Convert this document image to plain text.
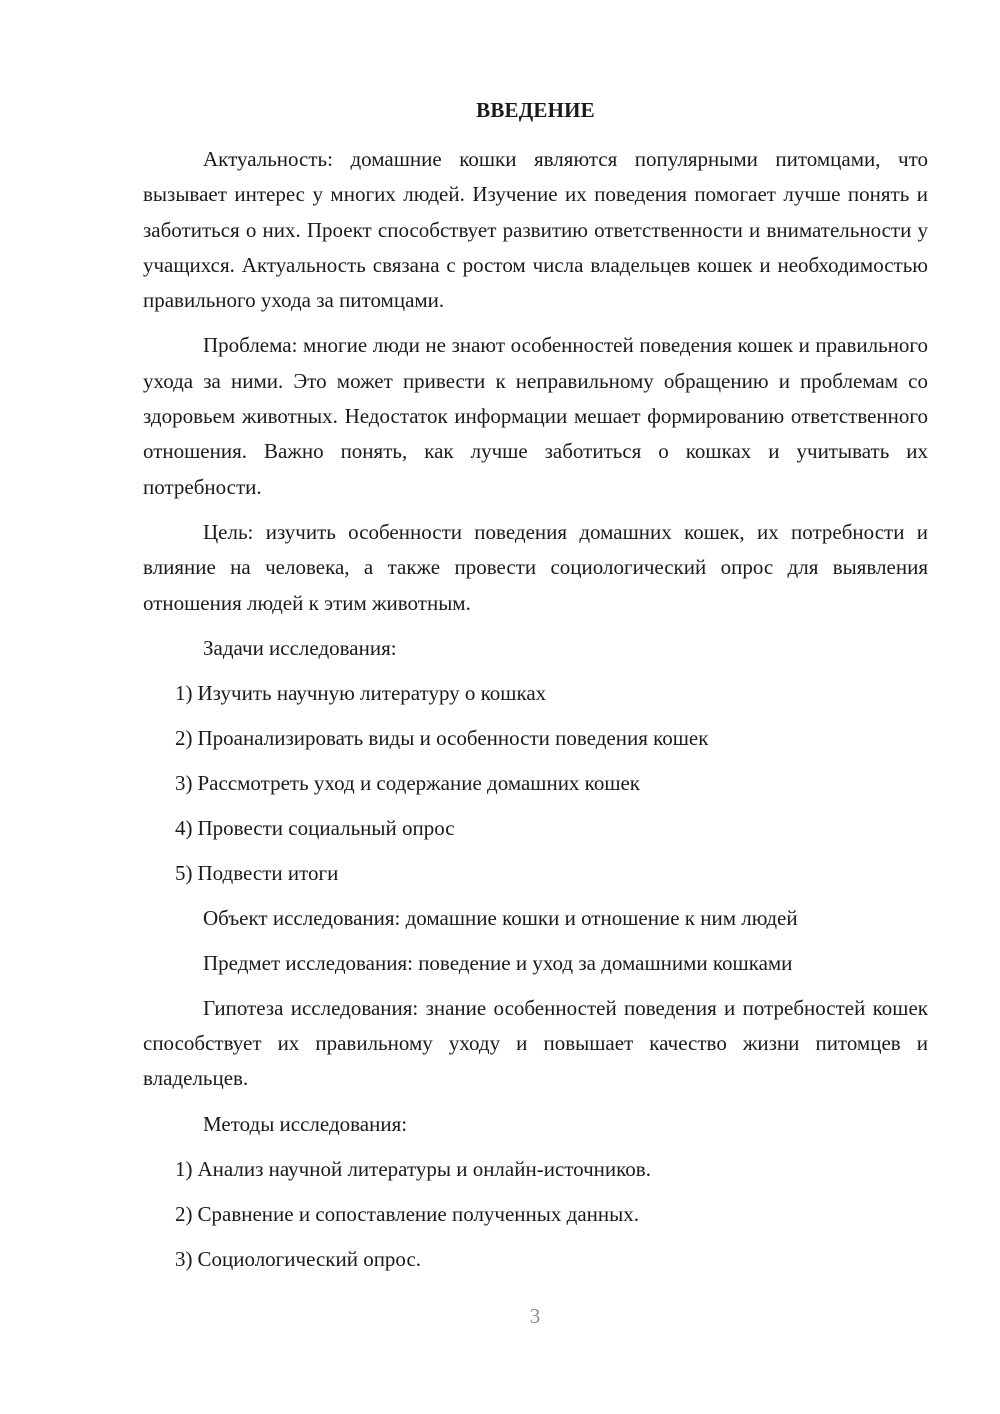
ВВЕДЕНИЕ

Актуальность: домашние кошки являются популярными питомцами, что вызывает интерес у многих людей. Изучение их поведения помогает лучше понять и заботиться о них. Проект способствует развитию ответственности и внимательности у учащихся. Актуальность связана с ростом числа владельцев кошек и необходимостью правильного ухода за питомцами.

Проблема: многие люди не знают особенностей поведения кошек и правильного ухода за ними. Это может привести к неправильному обращению и проблемам со здоровьем животных. Недостаток информации мешает формированию ответственного отношения. Важно понять, как лучше заботиться о кошках и учитывать их потребности.

Цель: изучить особенности поведения домашних кошек, их потребности и влияние на человека, а также провести социологический опрос для выявления отношения людей к этим животным.

Задачи исследования:

1) Изучить научную литературу о кошках
2) Проанализировать виды и особенности поведения кошек
3) Рассмотреть уход и содержание домашних кошек
4) Провести социальный опрос
5) Подвести итоги

Объект исследования: домашние кошки и отношение к ним людей

Предмет исследования: поведение и уход за домашними кошками

Гипотеза исследования: знание особенностей поведения и потребностей кошек способствует их правильному уходу и повышает качество жизни питомцев и владельцев.

Методы исследования:

1) Анализ научной литературы и онлайн-источников.
2) Сравнение и сопоставление полученных данных.
3) Социологический опрос.
3
